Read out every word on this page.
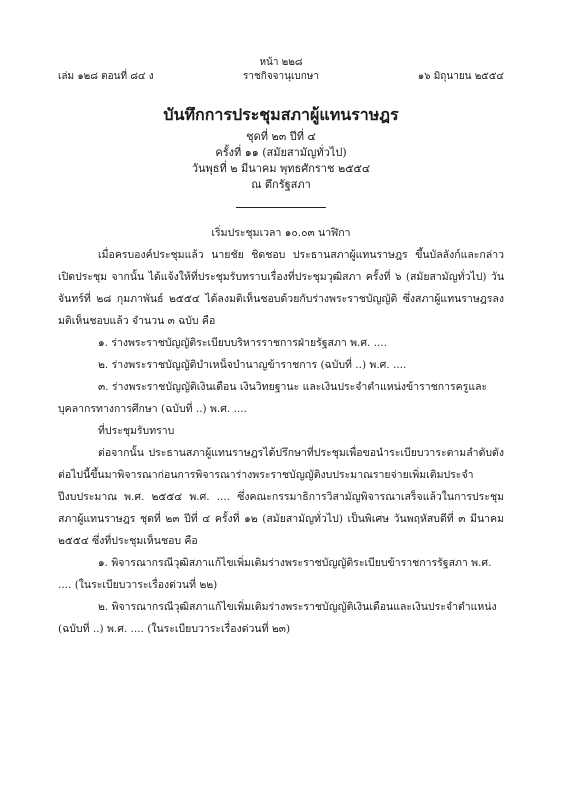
หน้า ๒๒๘
เล่ม ๑๒๘ ตอนที่ ๘๔ ง	ราชกิจจานุเบกษา	๑๖ มิถุนายน ๒๕๕๔

บันทึกการประชุมสภาผู้แทนราษฎร

ชุดที่ ๒๓ ปีที่ ๔

ครั้งที่ ๑๑ (สมัยสามัญทั่วไป)

วันพุธที่ ๒ มีนาคม พุทธศักราช ๒๕๕๔

ณ ตึกรัฐสภา

เริ่มประชุมเวลา ๑๐.๐๓ นาฬิกา

เมื่อครบองค์ประชุมแล้ว นายชัย ชิดชอบ ประธานสภาผู้แทนราษฎร ขึ้นบัลลังก์และกล่าวเปิดประชุม จากนั้น ได้แจ้งให้ที่ประชุมรับทราบเรื่องที่ประชุมวุฒิสภา ครั้งที่ ๖ (สมัยสามัญทั่วไป) วันจันทร์ที่ ๒๘ กุมภาพันธ์ ๒๕๕๔ ได้ลงมติเห็นชอบด้วยกับร่างพระราชบัญญัติ ซึ่งสภาผู้แทนราษฎรลงมติเห็นชอบแล้ว จำนวน ๓ ฉบับ คือ

๑. ร่างพระราชบัญญัติระเบียบบริหารราชการฝ่ายรัฐสภา พ.ศ. ....

๒. ร่างพระราชบัญญัติบำเหน็จบำนาญข้าราชการ (ฉบับที่ ..) พ.ศ. ....

๓. ร่างพระราชบัญญัติเงินเดือน เงินวิทยฐานะ และเงินประจำตำแหน่งข้าราชการครูและบุคลากรทางการศึกษา (ฉบับที่ ..) พ.ศ. ....

ที่ประชุมรับทราบ

ต่อจากนั้น ประธานสภาผู้แทนราษฎรได้ปรึกษาที่ประชุมเพื่อขอนำระเบียบวาระตามลำดับดังต่อไปนี้ขึ้นมาพิจารณาก่อนการพิจารณาร่างพระราชบัญญัติงบประมาณรายจ่ายเพิ่มเติมประจำปีงบประมาณ พ.ศ. ๒๕๕๔ พ.ศ. .... ซึ่งคณะกรรมาธิการวิสามัญพิจารณาเสร็จแล้วในการประชุมสภาผู้แทนราษฎร ชุดที่ ๒๓ ปีที่ ๔ ครั้งที่ ๑๒ (สมัยสามัญทั่วไป) เป็นพิเศษ วันพฤหัสบดีที่ ๓ มีนาคม ๒๕๕๔ ซึ่งที่ประชุมเห็นชอบ คือ

๑. พิจารณากรณีวุฒิสภาแก้ไขเพิ่มเติมร่างพระราชบัญญัติระเบียบข้าราชการรัฐสภา พ.ศ. .... (ในระเบียบวาระเรื่องด่วนที่ ๒๒)

๒. พิจารณากรณีวุฒิสภาแก้ไขเพิ่มเติมร่างพระราชบัญญัติเงินเดือนและเงินประจำตำแหน่ง (ฉบับที่ ..) พ.ศ. .... (ในระเบียบวาระเรื่องด่วนที่ ๒๓)
